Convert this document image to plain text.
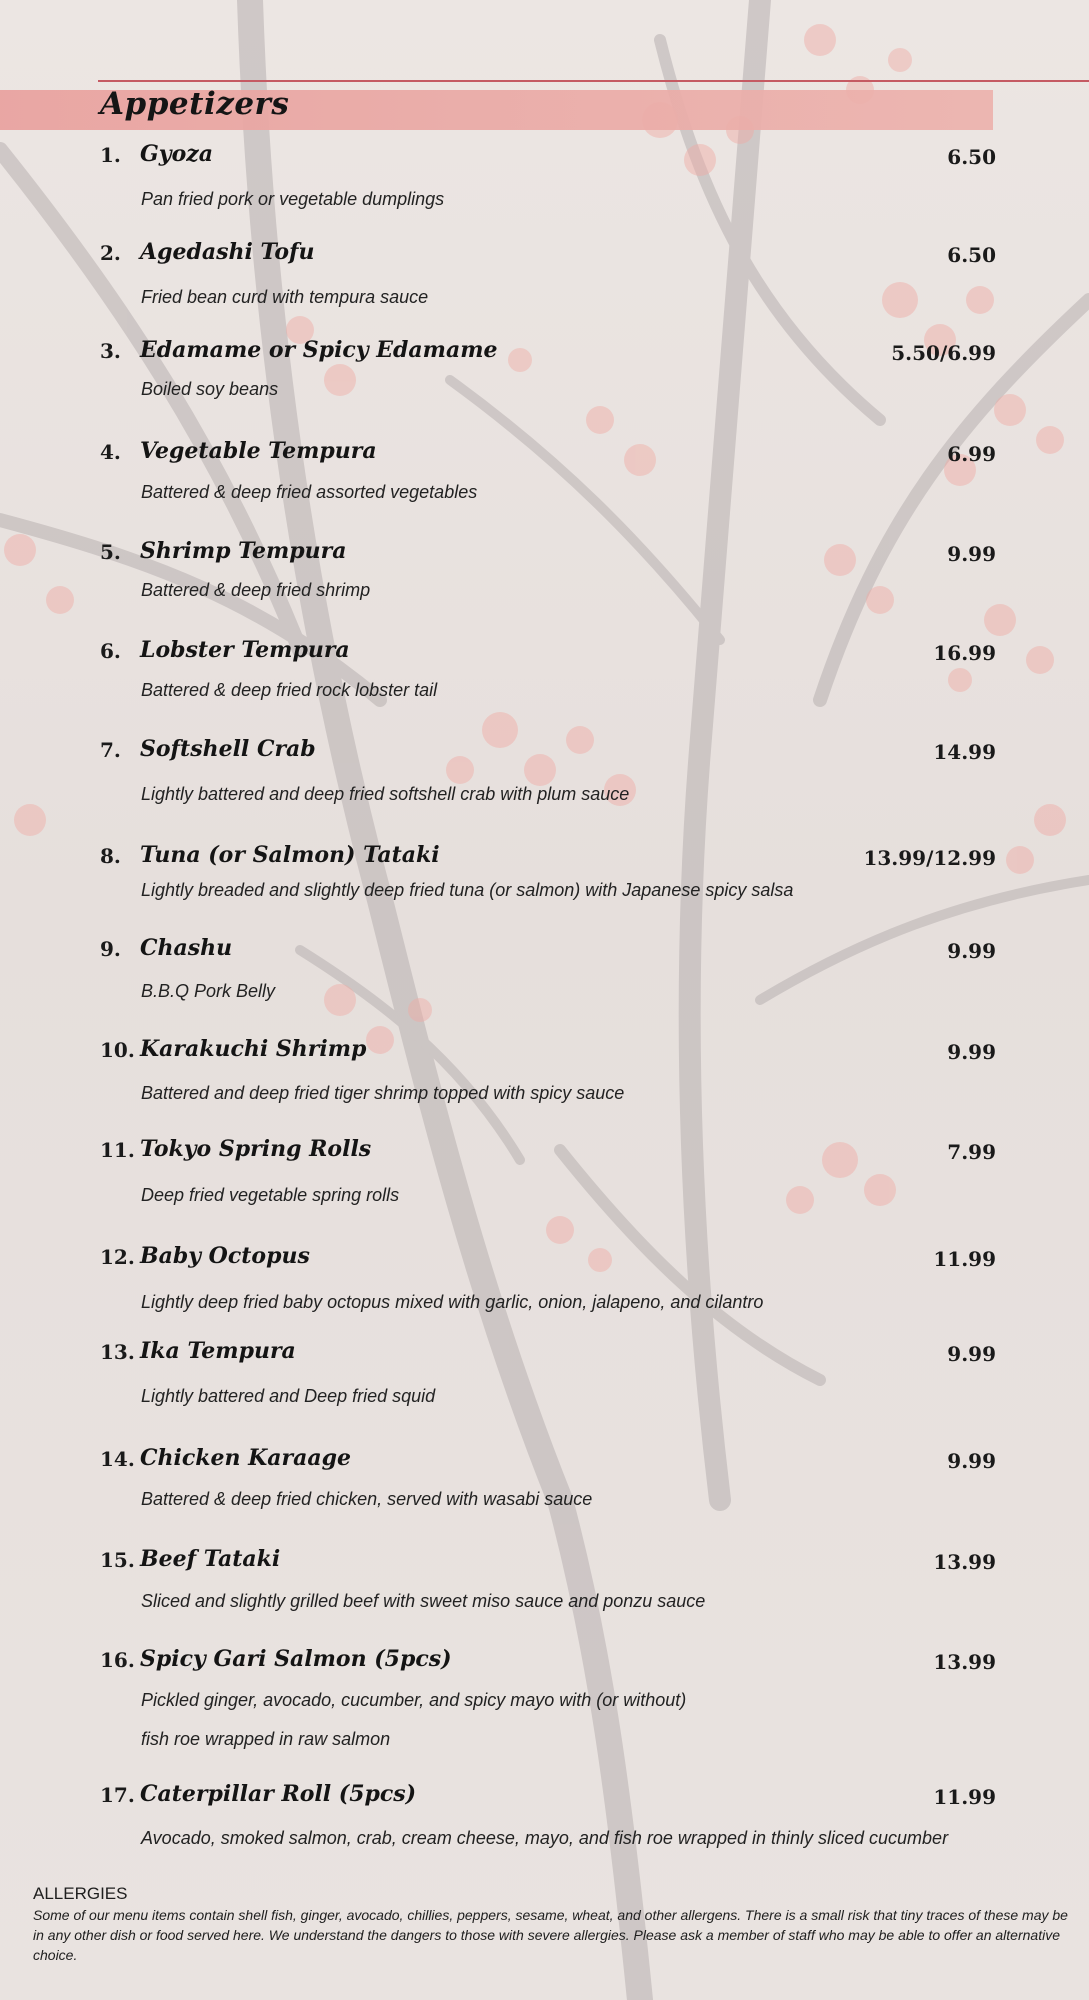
Appetizers
1. Gyoza	6.50
Pan fried pork or vegetable dumplings
2. Agedashi Tofu	6.50
Fried bean curd with tempura sauce
3. Edamame or Spicy Edamame	5.50/6.99
Boiled soy beans
4. Vegetable Tempura	6.99
Battered & deep fried assorted vegetables
5. Shrimp Tempura	9.99
Battered & deep fried shrimp
6. Lobster Tempura	16.99
Battered & deep fried rock lobster tail
7. Softshell Crab	14.99
Lightly battered and deep fried softshell crab with plum sauce
8. Tuna (or Salmon) Tataki	13.99/12.99
Lightly breaded and slightly deep fried tuna (or salmon) with Japanese spicy salsa
9. Chashu	9.99
B.B.Q Pork Belly
10. Karakuchi Shrimp	9.99
Battered and deep fried tiger shrimp topped with spicy sauce
11. Tokyo Spring Rolls	7.99
Deep fried vegetable spring rolls
12. Baby Octopus	11.99
Lightly deep fried baby octopus mixed with garlic, onion, jalapeno, and cilantro
13. Ika Tempura	9.99
Lightly battered and Deep fried squid
14. Chicken Karaage	9.99
Battered & deep fried chicken, served with wasabi sauce
15. Beef Tataki	13.99
Sliced and slightly grilled beef with sweet miso sauce and ponzu sauce
16. Spicy Gari Salmon (5pcs)	13.99
Pickled ginger, avocado, cucumber, and spicy mayo with (or without)
fish roe wrapped in raw salmon
17. Caterpillar Roll (5pcs)	11.99
Avocado, smoked salmon, crab, cream cheese, mayo, and fish roe wrapped in thinly sliced cucumber

ALLERGIES

Some of our menu items contain shell fish, ginger, avocado, chillies, peppers, sesame, wheat, and other allergens. There is a small risk that tiny traces of these may be in any other dish or food served here. We understand the dangers to those with severe allergies. Please ask a member of staff who may be able to offer an alternative choice.
